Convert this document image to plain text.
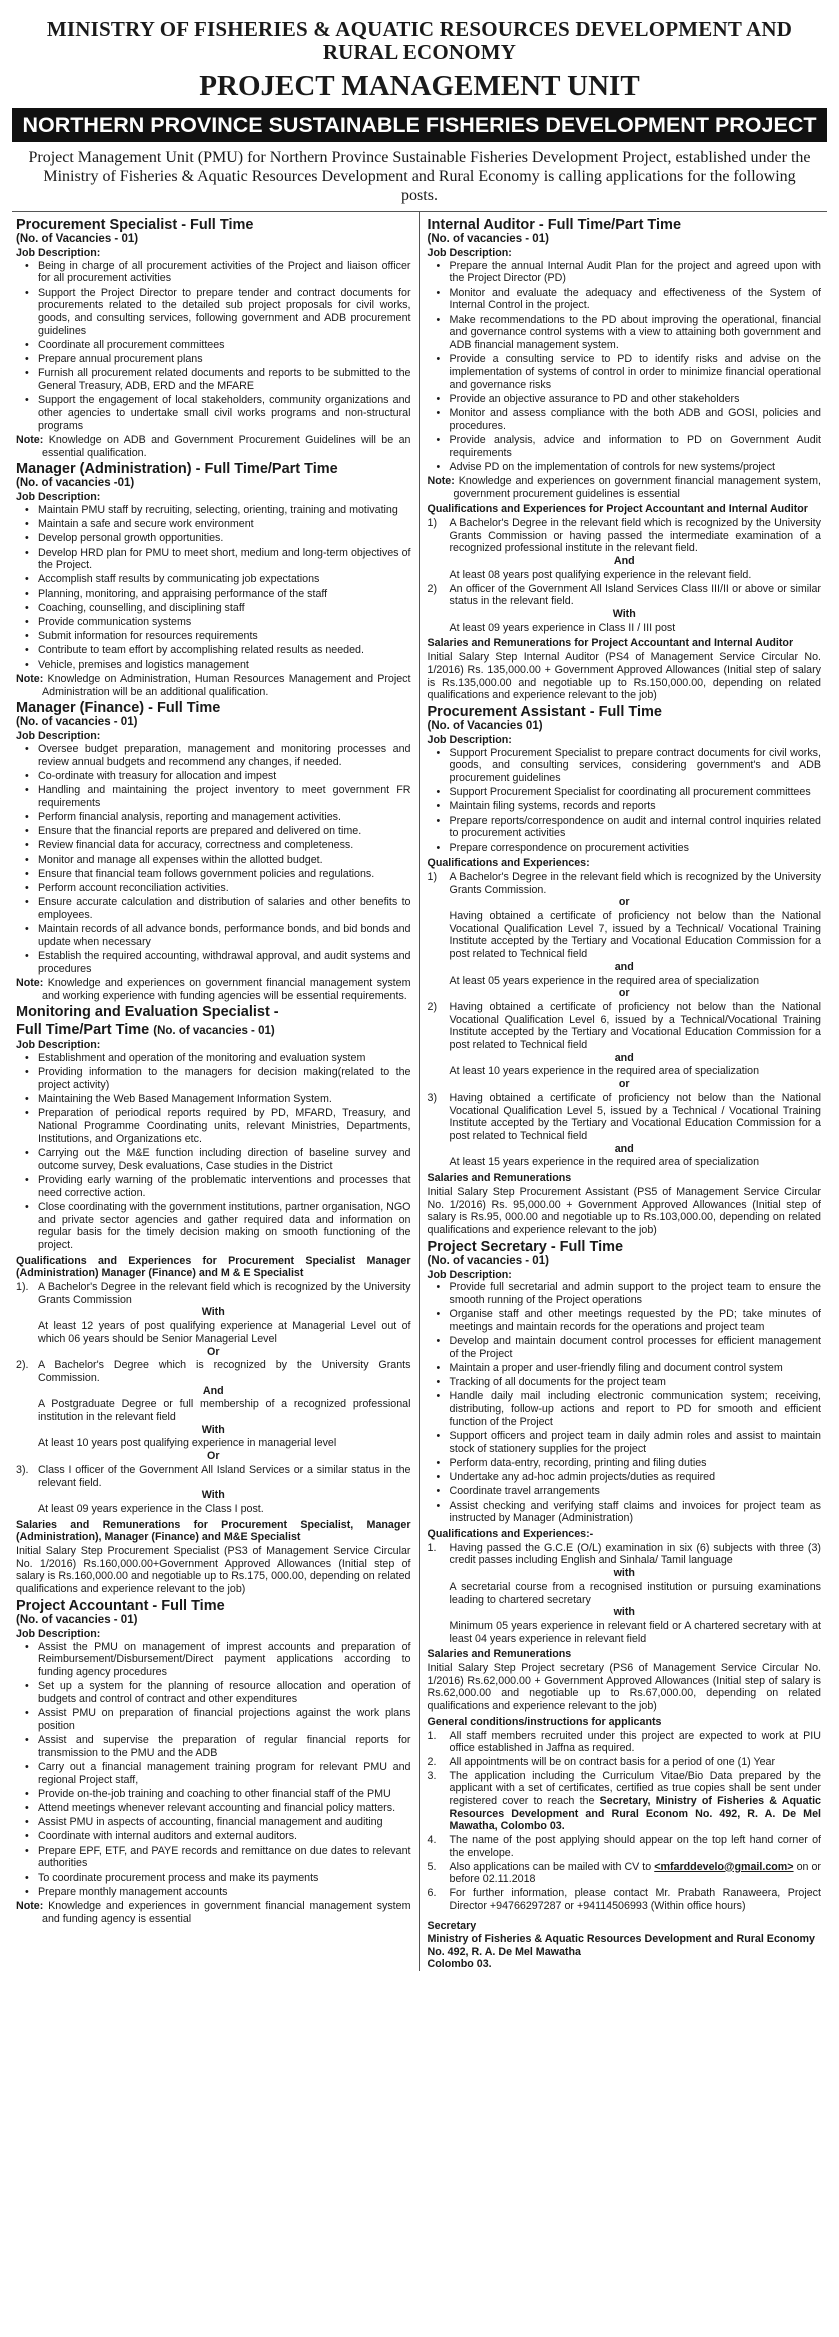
MINISTRY OF FISHERIES & AQUATIC RESOURCES DEVELOPMENT AND RURAL ECONOMY
PROJECT MANAGEMENT UNIT
NORTHERN PROVINCE SUSTAINABLE FISHERIES DEVELOPMENT PROJECT
Project Management Unit (PMU) for Northern Province Sustainable Fisheries Development Project, established under the Ministry of Fisheries & Aquatic Resources Development and Rural Economy is calling applications for the following posts.
Procurement Specialist - Full Time
(No. of Vacancies - 01)
Job Description:
• Being in charge of all procurement activities of the Project and liaison officer for all procurement activities
• Support the Project Director to prepare tender and contract documents for procurements related to the detailed sub project proposals for civil works, goods, and consulting services, following government and ADB procurement guidelines
• Coordinate all procurement committees
• Prepare annual procurement plans
• Furnish all procurement related documents and reports to be submitted to the General Treasury, ADB, ERD and the MFARE
• Support the engagement of local stakeholders, community organizations and other agencies to undertake small civil works programs and non-structural programs
Note: Knowledge on ADB and Government Procurement Guidelines will be an essential qualification.
Manager (Administration) - Full Time/Part Time
(No. of vacancies -01)
Job Description:
• Maintain PMU staff by recruiting, selecting, orienting, training and motivating
• Maintain a safe and secure work environment
• Develop personal growth opportunities.
• Develop HRD plan for PMU to meet short, medium and long-term objectives of the Project.
• Accomplish staff results by communicating job expectations
• Planning, monitoring, and appraising performance of the staff
• Coaching, counselling, and disciplining staff
• Provide communication systems
• Submit information for resources requirements
• Contribute to team effort by accomplishing related results as needed.
• Vehicle, premises and logistics management
Note: Knowledge on Administration, Human Resources Management and Project Administration will be an additional qualification.
Manager (Finance) - Full Time
(No. of vacancies - 01)
Job Description:
• Oversee budget preparation, management and monitoring processes and review annual budgets and recommend any changes, if needed.
• Co-ordinate with treasury for allocation and impest
• Handling and maintaining the project inventory to meet government FR requirements
• Perform financial analysis, reporting and management activities.
• Ensure that the financial reports are prepared and delivered on time.
• Review financial data for accuracy, correctness and completeness.
• Monitor and manage all expenses within the allotted budget.
• Ensure that financial team follows government policies and regulations.
• Perform account reconciliation activities.
• Ensure accurate calculation and distribution of salaries and other benefits to employees.
• Maintain records of all advance bonds, performance bonds, and bid bonds and update when necessary
• Establish the required accounting, withdrawal approval, and audit systems and procedures
Note: Knowledge and experiences on government financial management system and working experience with funding agencies will be essential requirements.
Monitoring and Evaluation Specialist -
Full Time/Part Time (No. of vacancies - 01)
Job Description:
• Establishment and operation of the monitoring and evaluation system
• Providing information to the managers for decision making(related to the project activity)
• Maintaining the Web Based Management Information System.
• Preparation of periodical reports required by PD, MFARD, Treasury, and National Programme Coordinating units, relevant Ministries, Departments, Institutions, and Organizations etc.
• Carrying out the M&E function including direction of baseline survey and outcome survey, Desk evaluations, Case studies in the District
• Providing early warning of the problematic interventions and processes that need corrective action.
• Close coordinating with the government institutions, partner organisation, NGO and private sector agencies and gather required data and information on regular basis for the timely decision making on smooth functioning of the project.
Qualifications and Experiences for Procurement Specialist Manager (Administration) Manager (Finance) and M & E Specialist
1). A Bachelor's Degree in the relevant field which is recognized by the University Grants Commission
With
At least 12 years of post qualifying experience at Managerial Level out of which 06 years should be Senior Managerial Level
Or
2). A Bachelor's Degree which is recognized by the University Grants Commission.
And
A Postgraduate Degree or full membership of a recognized professional institution in the relevant field
With
At least 10 years post qualifying experience in managerial level
Or
3). Class I officer of the Government All Island Services or a similar status in the relevant field.
With
At least 09 years experience in the Class I post.
Salaries and Remunerations for Procurement Specialist, Manager (Administration), Manager (Finance) and M&E Specialist
Initial Salary Step Procurement Specialist (PS3 of Management Service Circular No. 1/2016) Rs.160,000.00+Government Approved Allowances (Initial step of salary is Rs.160,000.00 and negotiable up to Rs.175, 000.00, depending on related qualifications and experience relevant to the job)
Project Accountant - Full Time
(No. of vacancies - 01)
Job Description:
• Assist the PMU on management of imprest accounts and preparation of Reimbursement/Disbursement/Direct payment applications according to funding agency procedures
• Set up a system for the planning of resource allocation and operation of budgets and control of contract and other expenditures
• Assist PMU on preparation of financial projections against the work plans position
• Assist and supervise the preparation of regular financial reports for transmission to the PMU and the ADB
• Carry out a financial management training program for relevant PMU and regional Project staff,
• Provide on-the-job training and coaching to other financial staff of the PMU
• Attend meetings whenever relevant accounting and financial policy matters.
• Assist PMU in aspects of accounting, financial management and auditing
• Coordinate with internal auditors and external auditors.
• Prepare EPF, ETF, and PAYE records and remittance on due dates to relevant authorities
• To coordinate procurement process and make its payments
• Prepare monthly management accounts
Note: Knowledge and experiences in government financial management system and funding agency is essential
Internal Auditor - Full Time/Part Time
(No. of vacancies - 01)
Job Description:
• Prepare the annual Internal Audit Plan for the project and agreed upon with the Project Director (PD)
• Monitor and evaluate the adequacy and effectiveness of the System of Internal Control in the project.
• Make recommendations to the PD about improving the operational, financial and governance control systems with a view to attaining both government and ADB financial management system.
• Provide a consulting service to PD to identify risks and advise on the implementation of systems of control in order to minimize financial operational and governance risks
• Provide an objective assurance to PD and other stakeholders
• Monitor and assess compliance with the both ADB and GOSI, policies and procedures.
• Provide analysis, advice and information to PD on Government Audit requirements
• Advise PD on the implementation of controls for new systems/project
Note: Knowledge and experiences on government financial management system, government procurement guidelines is essential
Qualifications and Experiences for Project Accountant and Internal Auditor
1)	A Bachelor's Degree in the relevant field which is recognized by the University Grants Commission or having passed the intermediate examination of a recognized professional institute in the relevant field.
And
At least 08 years post qualifying experience in the relevant field.
2)	An officer of the Government All Island Services Class III/II or above or similar status in the relevant field.
With
At least 09 years experience in Class II / III post
Salaries and Remunerations for Project Accountant and Internal Auditor
Initial Salary Step Internal Auditor (PS4 of Management Service Circular No. 1/2016) Rs. 135,000.00 + Government Approved Allowances (Initial step of salary is Rs.135,000.00 and negotiable up to Rs.150,000.00, depending on related qualifications and experience relevant to the job)
Procurement Assistant - Full Time
(No. of Vacancies 01)
Job Description:
• Support Procurement Specialist to prepare contract documents for civil works, goods, and consulting services, considering government's and ADB procurement guidelines
• Support Procurement Specialist for coordinating all procurement committees
• Maintain filing systems, records and reports
• Prepare reports/correspondence on audit and internal control inquiries related to procurement activities
• Prepare correspondence on procurement activities
Qualifications and Experiences:
1)	A Bachelor's Degree in the relevant field which is recognized by the University Grants Commission.
or
Having obtained a certificate of proficiency not below than the National Vocational Qualification Level 7, issued by a Technical/ Vocational Training Institute accepted by the Tertiary and Vocational Education Commission for a post related to Technical field
and
At least 05 years experience in the required area of specialization
or
2)	Having obtained a certificate of proficiency not below than the National Vocational Qualification Level 6, issued by a Technical/Vocational Training Institute accepted by the Tertiary and Vocational Education Commission for a post related to Technical field
and
At least 10 years experience in the required area of specialization
or
3)	Having obtained a certificate of proficiency not below than the National Vocational Qualification Level 5, issued by a Technical / Vocational Training Institute accepted by the Tertiary and Vocational Education Commission for a post related to Technical field
and
At least 15 years experience in the required area of specialization
Salaries and Remunerations
Initial Salary Step Procurement Assistant (PS5 of Management Service Circular No. 1/2016) Rs. 95,000.00 + Government Approved Allowances (Initial step of salary is Rs.95, 000.00 and negotiable up to Rs.103,000.00, depending on related qualifications and experience relevant to the job)
Project Secretary - Full Time
(No. of vacancies - 01)
Job Description:
• Provide full secretarial and admin support to the project team to ensure the smooth running of the Project operations
• Organise staff and other meetings requested by the PD; take minutes of meetings and maintain records for the operations and project team
• Develop and maintain document control processes for efficient management of the Project
• Maintain a proper and user-friendly filing and document control system
• Tracking of all documents for the project team
• Handle daily mail including electronic communication system; receiving, distributing, follow-up actions and report to PD for smooth and efficient function of the Project
• Support officers and project team in daily admin roles and assist to maintain stock of stationery supplies for the project
• Perform data-entry, recording, printing and filing duties
• Undertake any ad-hoc admin projects/duties as required
• Coordinate travel arrangements
• Assist checking and verifying staff claims and invoices for project team as instructed by Manager (Administration)
Qualifications and Experiences:-
1.	Having passed the G.C.E (O/L) examination in six (6) subjects with three (3) credit passes including English and Sinhala/ Tamil language
with
A secretarial course from a recognised institution or pursuing examinations leading to chartered secretary
with
Minimum 05 years experience in relevant field or A chartered secretary with at least 04 years experience in relevant field
Salaries and Remunerations
Initial Salary Step Project secretary (PS6 of Management Service Circular No. 1/2016) Rs.62,000.00 + Government Approved Allowances (Initial step of salary is Rs.62,000.00 and negotiable up to Rs.67,000.00, depending on related qualifications and experience relevant to the job)
General conditions/instructions for applicants
1.	All staff members recruited under this project are expected to work at PIU office established in Jaffna as required.
2.	All appointments will be on contract basis for a period of one (1) Year
3.	The application including the Curriculum Vitae/Bio Data prepared by the applicant with a set of certificates, certified as true copies shall be sent under registered cover to reach the Secretary, Ministry of Fisheries & Aquatic Resources Development and Rural Econom No. 492, R. A. De Mel Mawatha, Colombo 03.
4.	The name of the post applying should appear on the top left hand corner of the envelope.
5.	Also applications can be mailed with CV to <mfarddevelo@gmail.com> on or before 02.11.2018
6.	For further information, please contact Mr. Prabath Ranaweera, Project Director +94766297287 or +94114506993 (Within office hours)
Secretary
Ministry of Fisheries & Aquatic Resources Development and Rural Economy
No. 492, R. A. De Mel Mawatha
Colombo 03.
